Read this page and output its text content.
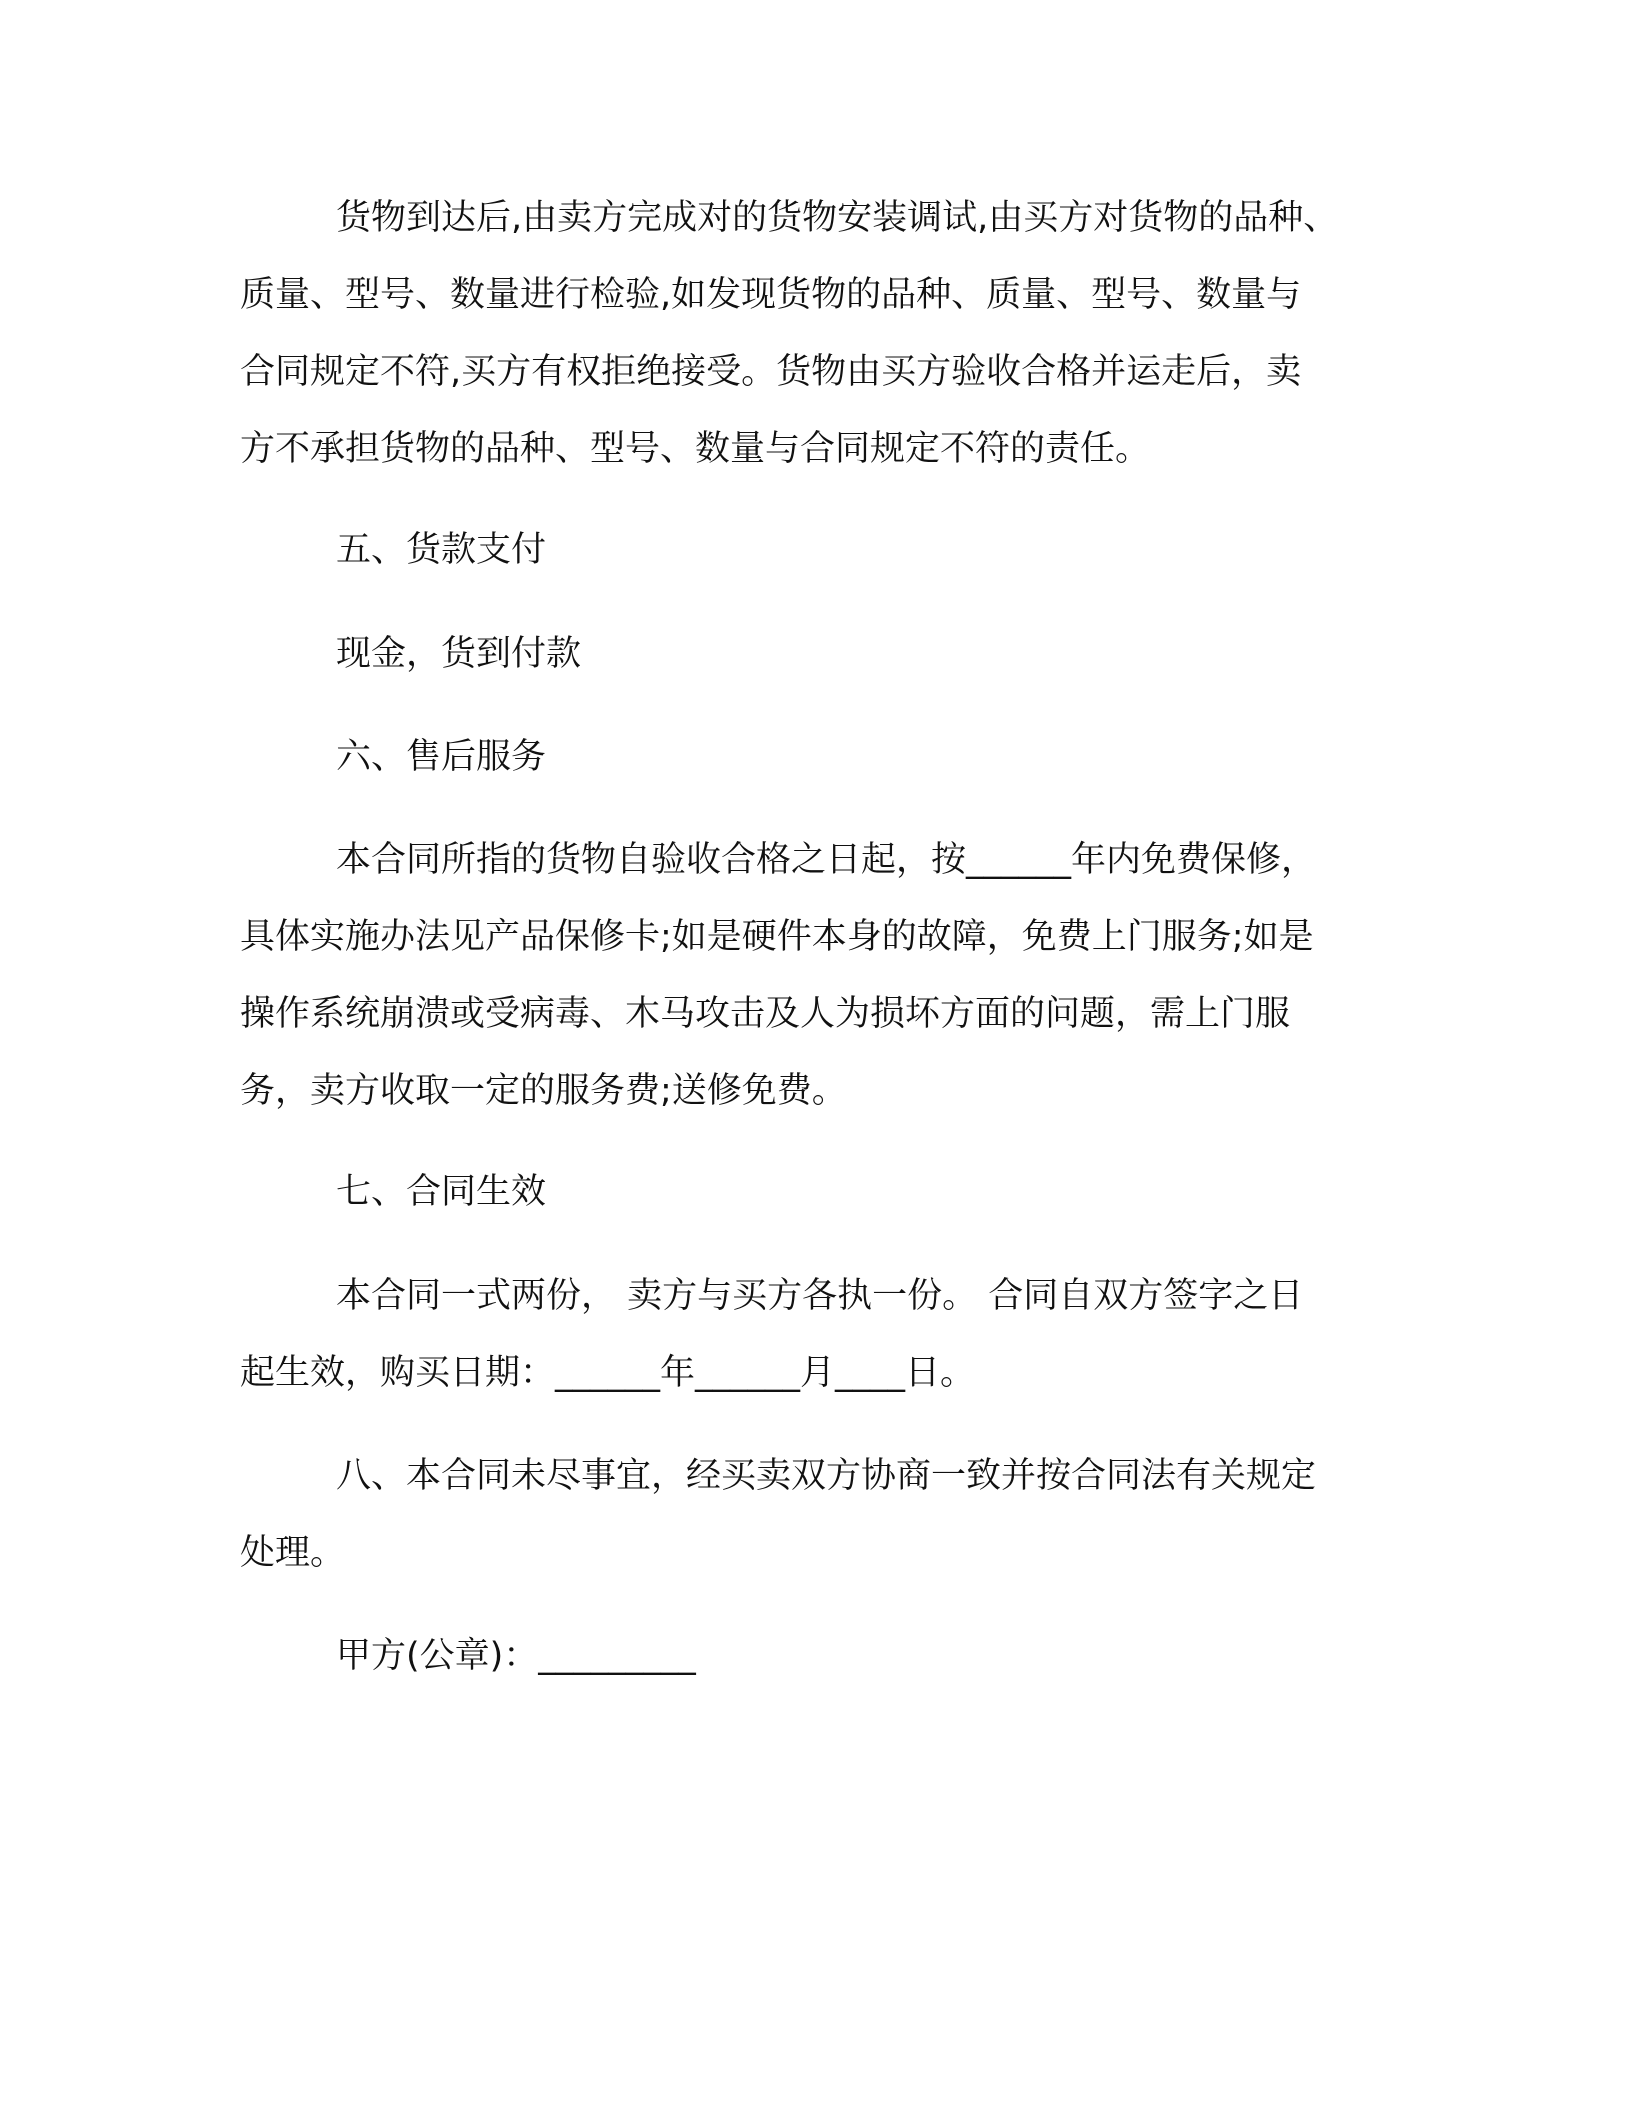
货物到达后,由卖方完成对的货物安装调试,由买方对货物的品种、
质量、型号、数量进行检验,如发现货物的品种、质量、型号、数量与
合同规定不符,买方有权拒绝接受。货物由买方验收合格并运走后，卖
方不承担货物的品种、型号、数量与合同规定不符的责任。
五、货款支付
现金，货到付款
六、售后服务
本合同所指的货物自验收合格之日起，按______年内免费保修，
具体实施办法见产品保修卡;如是硬件本身的故障，免费上门服务;如是
操作系统崩溃或受病毒、木马攻击及人为损坏方面的问题，需上门服
务，卖方收取一定的服务费;送修免费。
七、合同生效
本合同一式两份， 卖方与买方各执一份。 合同自双方签字之日
起生效，购买日期：______年______月____日。
八、本合同未尽事宜，经买卖双方协商一致并按合同法有关规定
处理。
甲方(公章)：_________
